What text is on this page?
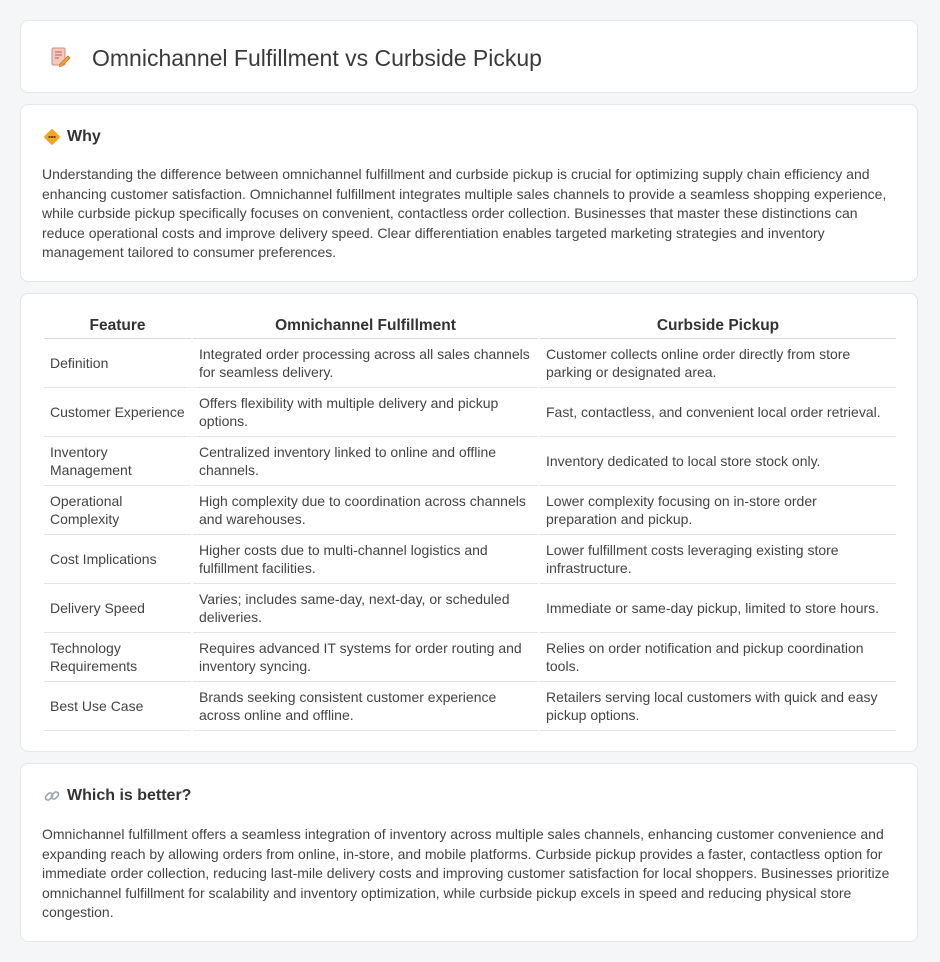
Omnichannel Fulfillment vs Curbside Pickup
Why

Understanding the difference between omnichannel fulfillment and curbside pickup is crucial for optimizing supply chain efficiency and enhancing customer satisfaction. Omnichannel fulfillment integrates multiple sales channels to provide a seamless shopping experience, while curbside pickup specifically focuses on convenient, contactless order collection. Businesses that master these distinctions can reduce operational costs and improve delivery speed. Clear differentiation enables targeted marketing strategies and inventory management tailored to consumer preferences.

Feature	Omnichannel Fulfillment	Curbside Pickup
Definition	Integrated order processing across all sales channels for seamless delivery.	Customer collects online order directly from store parking or designated area.
Customer Experience	Offers flexibility with multiple delivery and pickup options.	Fast, contactless, and convenient local order retrieval.
Inventory Management	Centralized inventory linked to online and offline channels.	Inventory dedicated to local store stock only.
Operational Complexity	High complexity due to coordination across channels and warehouses.	Lower complexity focusing on in-store order preparation and pickup.
Cost Implications	Higher costs due to multi-channel logistics and fulfillment facilities.	Lower fulfillment costs leveraging existing store infrastructure.
Delivery Speed	Varies; includes same-day, next-day, or scheduled deliveries.	Immediate or same-day pickup, limited to store hours.
Technology Requirements	Requires advanced IT systems for order routing and inventory syncing.	Relies on order notification and pickup coordination tools.
Best Use Case	Brands seeking consistent customer experience across online and offline.	Retailers serving local customers with quick and easy pickup options.
Which is better?

Omnichannel fulfillment offers a seamless integration of inventory across multiple sales channels, enhancing customer convenience and expanding reach by allowing orders from online, in-store, and mobile platforms. Curbside pickup provides a faster, contactless option for immediate order collection, reducing last-mile delivery costs and improving customer satisfaction for local shoppers. Businesses prioritize omnichannel fulfillment for scalability and inventory optimization, while curbside pickup excels in speed and reducing physical store congestion.
